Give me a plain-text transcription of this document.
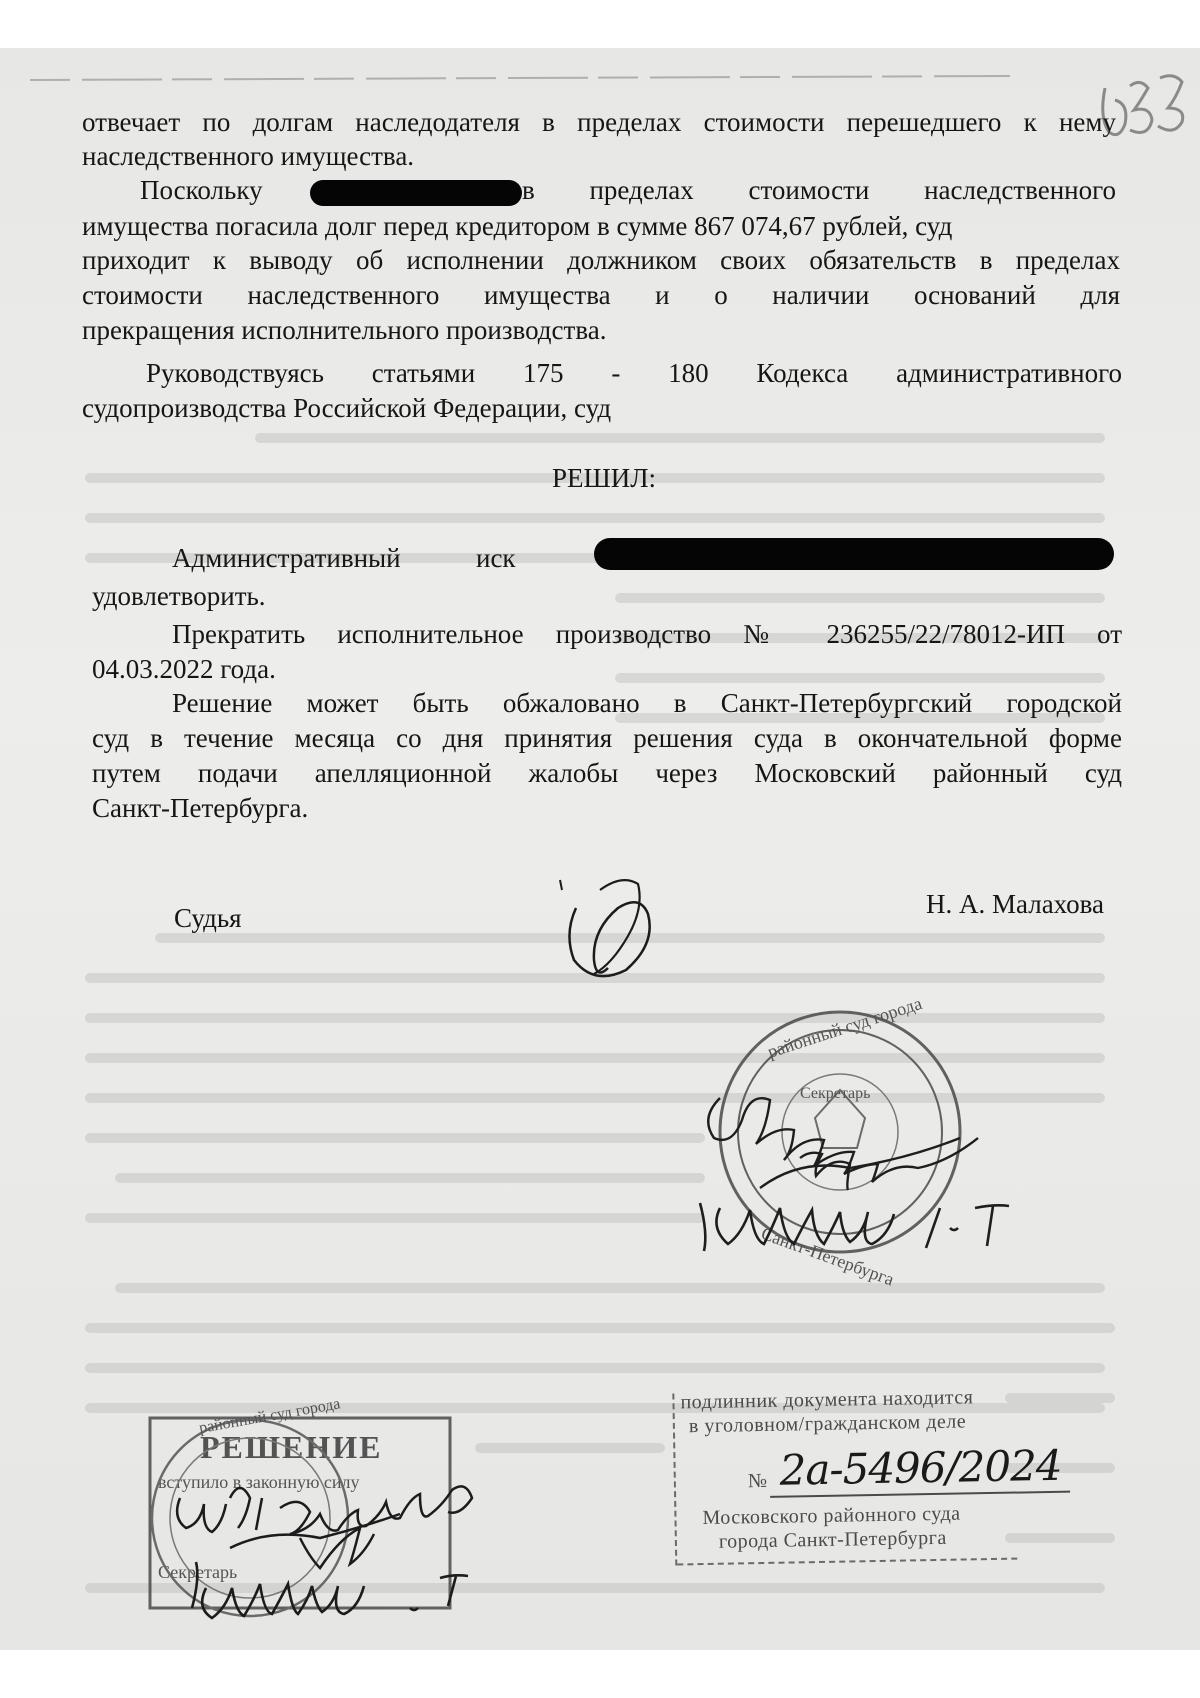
отвечает по долгам наследодателя в пределах стоимости перешедшего к нему

наследственного имущества.

Поскольку	в пределах стоимости наследственного

имущества погасила долг перед кредитором в сумме 867 074,67 рублей, суд

приходит к выводу об исполнении должником своих обязательств в пределах

стоимости наследственного имущества и о наличии оснований для

прекращения исполнительного производства.

Руководствуясь статьями 175 - 180 Кодекса административного

судопроизводства Российской Федерации, суд

РЕШИЛ:

Административный	иск

удовлетворить.

Прекратить исполнительное производство № 236255/22/78012-ИП от

04.03.2022 года.

Решение может быть обжаловано в Санкт-Петербургский городской

суд в течение месяца со дня принятия решения суда в окончательной форме

путем подачи апелляционной жалобы через Московский районный суд

Санкт-Петербурга.

Судья	Н. А. Малахова

Секретарь
районный суд города
Санкт-Петербурга
РЕШЕНИЕ
вступило в законную силу
Секретарь
районный суд города	подлинник документа находится
в уголовном/гражданском деле
№ 2а-5496/2024
Московского районного суда
города Санкт-Петербурга
